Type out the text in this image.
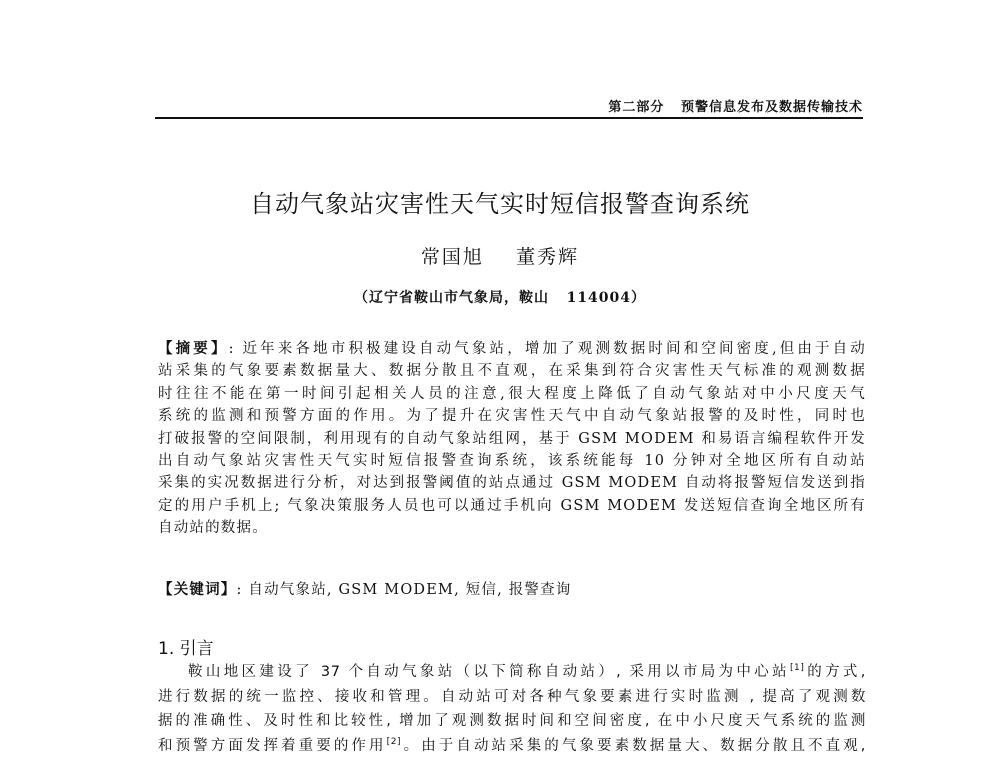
第二部分   预警信息发布及数据传输技术
自动气象站灾害性天气实时短信报警查询系统
常国旭    董秀辉
（辽宁省鞍山市气象局，鞍山   114004）
【摘要】: 近年来各地市积极建设自动气象站，增加了观测数据时间和空间密度,但由于自动
站采集的气象要素数据量大、数据分散且不直观，在采集到符合灾害性天气标准的观测数据
时往往不能在第一时间引起相关人员的注意,很大程度上降低了自动气象站对中小尺度天气
系统的监测和预警方面的作用。为了提升在灾害性天气中自动气象站报警的及时性，同时也
打破报警的空间限制，利用现有的自动气象站组网，基于 GSM MODEM 和易语言编程软件开发
出自动气象站灾害性天气实时短信报警查询系统，该系统能每 10 分钟对全地区所有自动站
采集的实况数据进行分析，对达到报警阈值的站点通过 GSM MODEM 自动将报警短信发送到指
定的用户手机上; 气象决策服务人员也可以通过手机向 GSM MODEM 发送短信查询全地区所有
自动站的数据。
【关键词】: 自动气象站, GSM MODEM, 短信, 报警查询
1. 引言
鞍山地区建设了 37 个自动气象站（以下简称自动站）, 采用以市局为中心站[1]的方式,
进行数据的统一监控、接收和管理。自动站可对各种气象要素进行实时监测 , 提高了观测数
据的准确性、及时性和比较性, 增加了观测数据时间和空间密度, 在中小尺度天气系统的监测
和预警方面发挥着重要的作用[2]。由于自动站采集的气象要素数据量大、数据分散且不直观,
